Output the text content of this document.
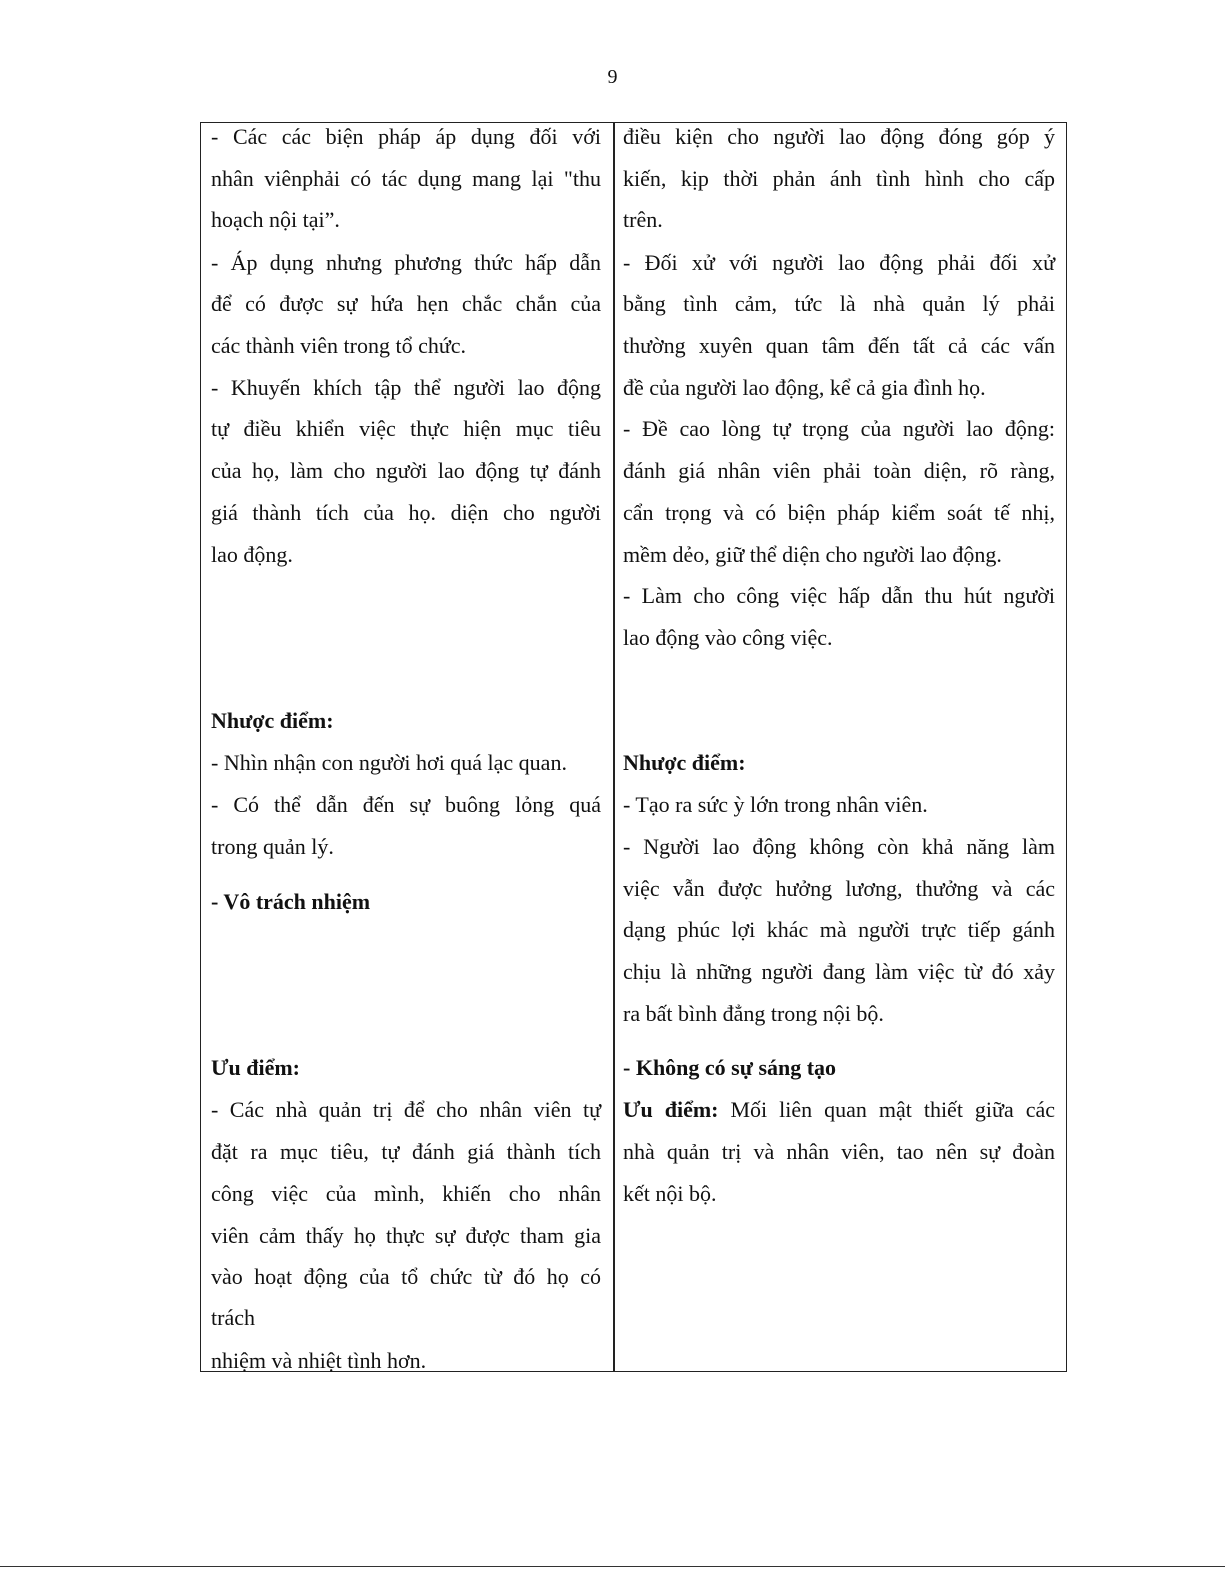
9

- Các các biện pháp áp dụng đối với

nhân viênphải có tác dụng mang lại "thu

hoạch nội tại”.

- Áp dụng nhưng phương thức hấp dẫn

để có được sự hứa hẹn chắc chắn của

các thành viên trong tổ chức.

- Khuyến khích tập thể người lao động

tự điều khiển việc thực hiện mục tiêu

của họ, làm cho người lao động tự đánh

giá thành tích của họ. diện cho người

lao động.

Nhược điểm:

- Nhìn nhận con người hơi quá lạc quan.

- Có thể dẫn đến sự buông lỏng quá

trong quản lý.

- Vô trách nhiệm

Ưu điểm:

- Các nhà quản trị để cho nhân viên tự

đặt ra mục tiêu, tự đánh giá thành tích

công việc của mình, khiến cho nhân

viên cảm thấy họ thực sự được tham gia

vào hoạt động của tổ chức từ đó họ có

trách

nhiệm và nhiệt tình hơn.

điều kiện cho người lao động đóng góp ý

kiến, kịp thời phản ánh tình hình cho cấp

trên.

- Đối xử với người lao động phải đối xử

bằng tình cảm, tức là nhà quản lý phải

thường xuyên quan tâm đến tất cả các vấn

đề của người lao động, kể cả gia đình họ.

- Đề cao lòng tự trọng của người lao động:

đánh giá nhân viên phải toàn diện, rõ ràng,

cẩn trọng và có biện pháp kiểm soát tế nhị,

mềm dẻo, giữ thể diện cho người lao động.

- Làm cho công việc hấp dẫn thu hút người

lao động vào công việc.

Nhược điểm:

- Tạo ra sức ỳ lớn trong nhân viên.

- Người lao động không còn khả năng làm

việc vẫn được hưởng lương, thưởng và các

dạng phúc lợi khác mà người trực tiếp gánh

chịu là những người đang làm việc từ đó xảy

ra bất bình đẳng trong nội bộ.

- Không có sự sáng tạo

Ưu điểm: Mối liên quan mật thiết giữa các

nhà quản trị và nhân viên, tao nên sự đoàn

kết nội bộ.
